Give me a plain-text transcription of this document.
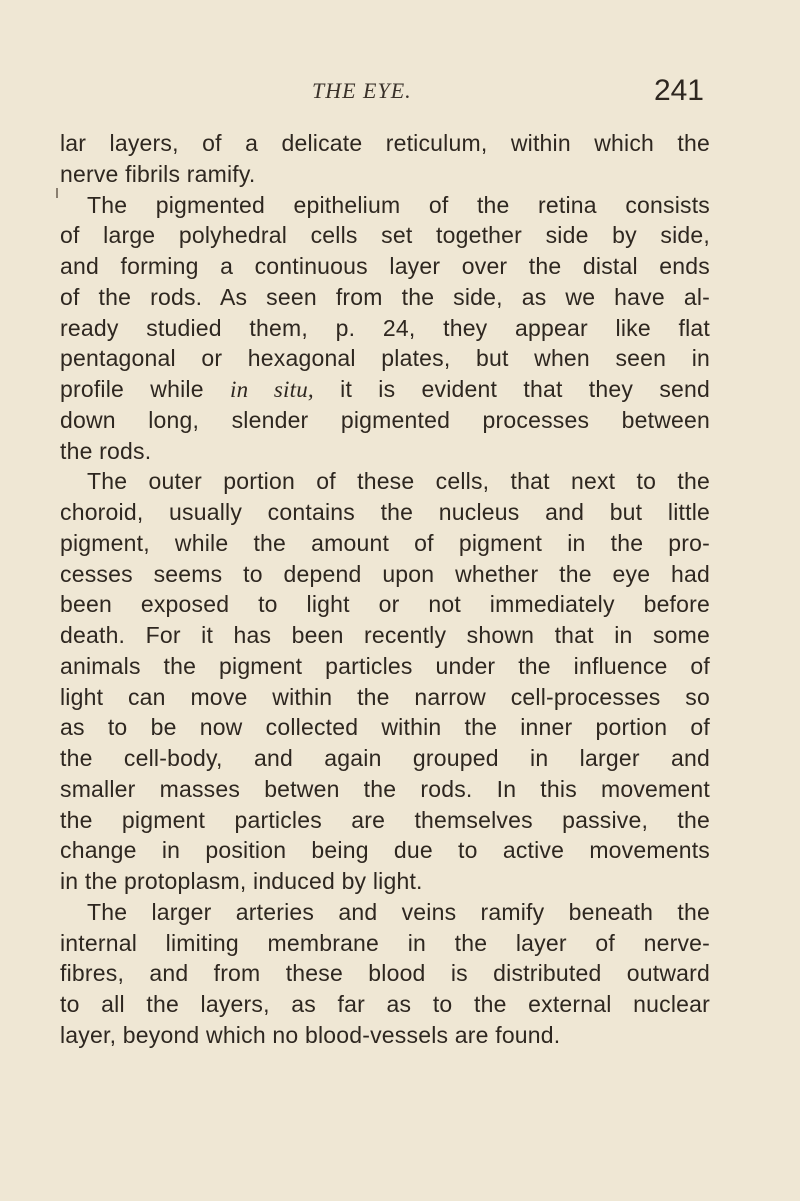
THE EYE.	241
lar layers, of a delicate reticulum, within which the
nerve fibrils ramify.
The pigmented epithelium of the retina consists
of large polyhedral cells set together side by side,
and forming a continuous layer over the distal ends
of the rods. As seen from the side, as we have al-
ready studied them, p. 24, they appear like flat
pentagonal or hexagonal plates, but when seen in
profile while in situ, it is evident that they send
down long, slender pigmented processes between
the rods.
The outer portion of these cells, that next to the
choroid, usually contains the nucleus and but little
pigment, while the amount of pigment in the pro-
cesses seems to depend upon whether the eye had
been exposed to light or not immediately before
death. For it has been recently shown that in some
animals the pigment particles under the influence of
light can move within the narrow cell-processes so
as to be now collected within the inner portion of
the cell-body, and again grouped in larger and
smaller masses betwen the rods. In this movement
the pigment particles are themselves passive, the
change in position being due to active movements
in the protoplasm, induced by light.
The larger arteries and veins ramify beneath the
internal limiting membrane in the layer of nerve-
fibres, and from these blood is distributed outward
to all the layers, as far as to the external nuclear
layer, beyond which no blood-vessels are found.
